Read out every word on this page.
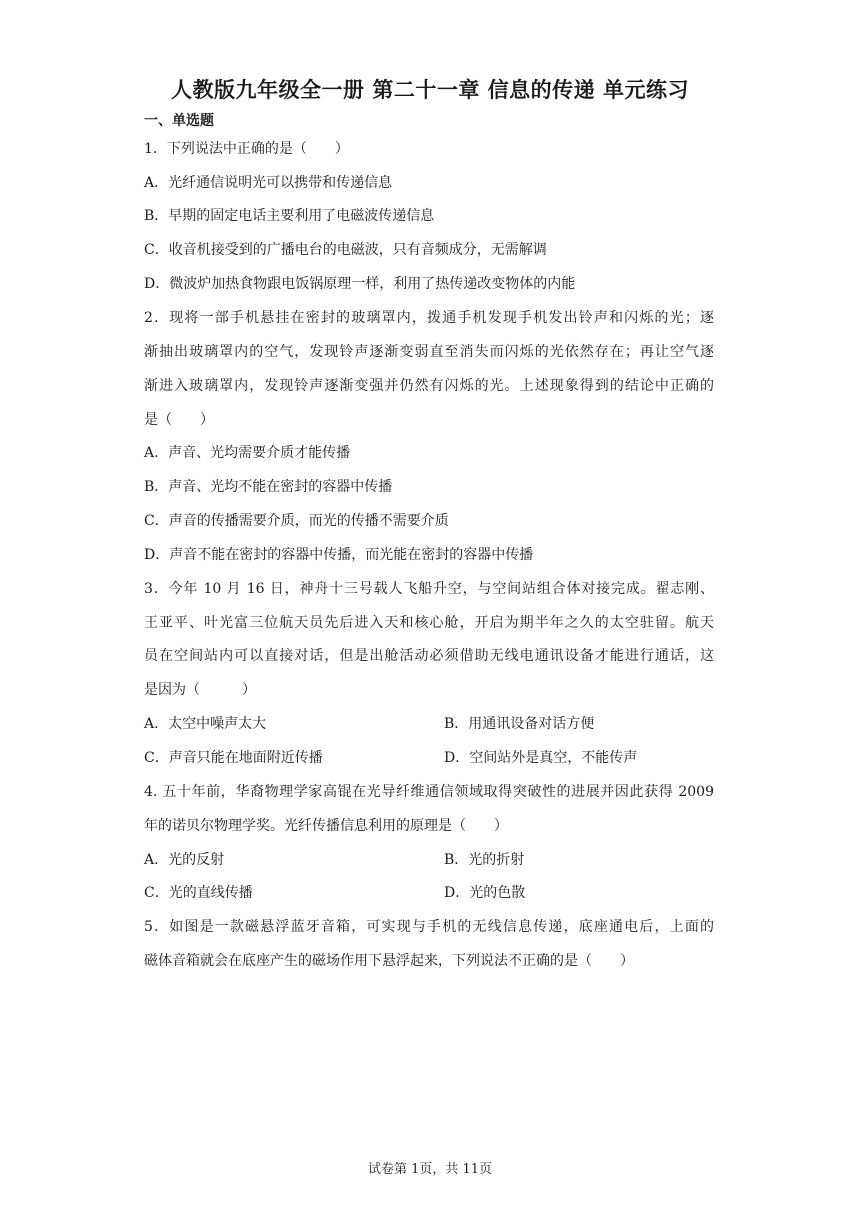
人教版九年级全一册 第二十一章 信息的传递 单元练习
一、单选题
1．下列说法中正确的是（　　）
A．光纤通信说明光可以携带和传递信息
B．早期的固定电话主要利用了电磁波传递信息
C．收音机接受到的广播电台的电磁波，只有音频成分，无需解调
D．微波炉加热食物跟电饭锅原理一样，利用了热传递改变物体的内能
2．现将一部手机悬挂在密封的玻璃罩内，拨通手机发现手机发出铃声和闪烁的光；逐
渐抽出玻璃罩内的空气，发现铃声逐渐变弱直至消失而闪烁的光依然存在；再让空气逐
渐进入玻璃罩内，发现铃声逐渐变强并仍然有闪烁的光。上述现象得到的结论中正确的
是（　　）
A．声音、光均需要介质才能传播
B．声音、光均不能在密封的容器中传播
C．声音的传播需要介质，而光的传播不需要介质
D．声音不能在密封的容器中传播，而光能在密封的容器中传播
3．今年 10 月 16 日，神舟十三号载人飞船升空，与空间站组合体对接完成。翟志刚、
王亚平、叶光富三位航天员先后进入天和核心舱，开启为期半年之久的太空驻留。航天
员在空间站内可以直接对话，但是出舱活动必须借助无线电通讯设备才能进行通话，这
是因为（　　　）
A．太空中噪声太大	B．用通讯设备对话方便
C．声音只能在地面附近传播	D．空间站外是真空，不能传声
4. 五十年前，华裔物理学家高锟在光导纤维通信领域取得突破性的进展并因此获得 2009
年的诺贝尔物理学奖。光纤传播信息利用的原理是（　　）
A．光的反射	B．光的折射
C．光的直线传播	D．光的色散
5．如图是一款磁悬浮蓝牙音箱，可实现与手机的无线信息传递，底座通电后，上面的
磁体音箱就会在底座产生的磁场作用下悬浮起来，下列说法不正确的是（　　）
试卷第 1页，共 11页
